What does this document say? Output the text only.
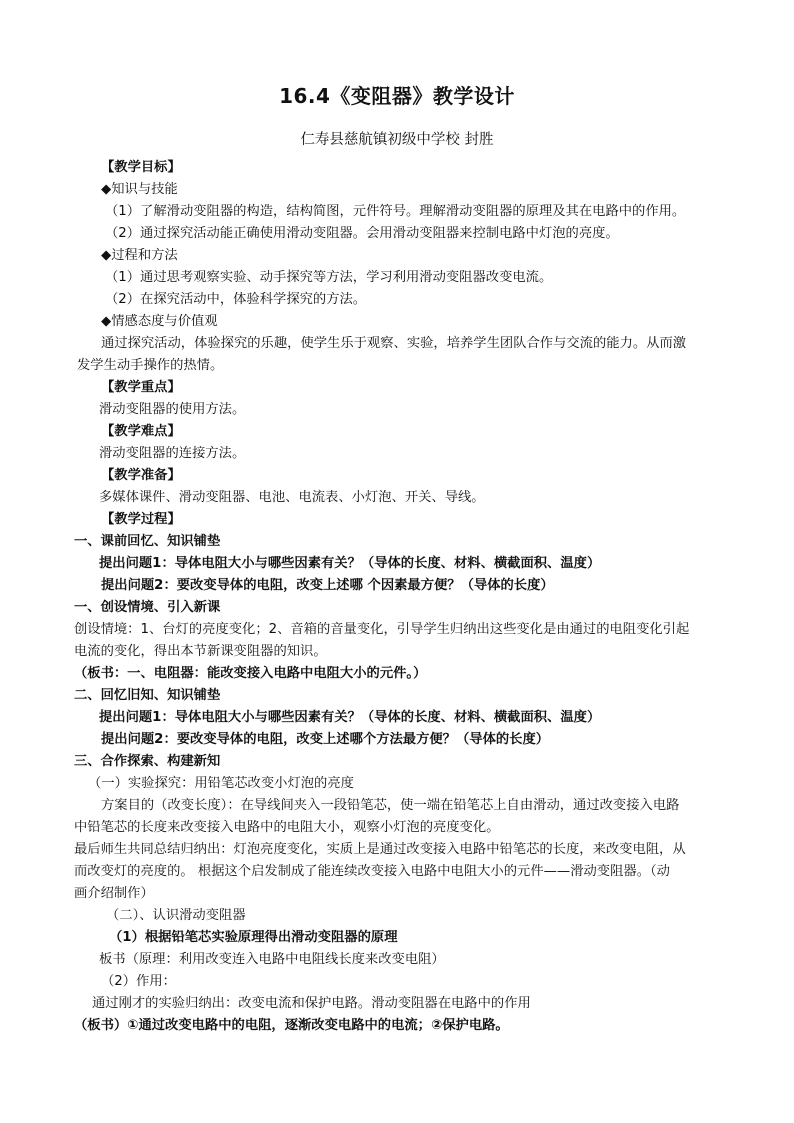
16.4《变阻器》教学设计
仁寿县慈航镇初级中学校 封胜
【教学目标】
◆知识与技能
（1）了解滑动变阻器的构造，结构简图，元件符号。理解滑动变阻器的原理及其在电路中的作用。
（2）通过探究活动能正确使用滑动变阻器。会用滑动变阻器来控制电路中灯泡的亮度。
◆过程和方法
（1）通过思考观察实验、动手探究等方法，学习利用滑动变阻器改变电流。
（2）在探究活动中，体验科学探究的方法。
◆情感态度与价值观
通过探究活动，体验探究的乐趣，使学生乐于观察、实验，培养学生团队合作与交流的能力。从而激
发学生动手操作的热情。
【教学重点】
滑动变阻器的使用方法。
【教学难点】
滑动变阻器的连接方法。
【教学准备】
多媒体课件、滑动变阻器、电池、电流表、小灯泡、开关、导线。
【教学过程】
一、课前回忆、知识铺垫
提出问题1：导体电阻大小与哪些因素有关？（导体的长度、材料、横截面积、温度）
提出问题2：要改变导体的电阻，改变上述哪 个因素最方便？（导体的长度）
一、创设情境、引入新课
创设情境：1、台灯的亮度变化；2、音箱的音量变化，引导学生归纳出这些变化是由通过的电阻变化引起
电流的变化，得出本节新课变阻器的知识。
（板书：一、电阻器：能改变接入电路中电阻大小的元件。）
二、回忆旧知、知识铺垫
提出问题1：导体电阻大小与哪些因素有关？（导体的长度、材料、横截面积、温度）
提出问题2：要改变导体的电阻，改变上述哪个方法最方便？（导体的长度）
三、合作探索、构建新知
（一）实验探究：用铅笔芯改变小灯泡的亮度
方案目的（改变长度）：在导线间夹入一段铅笔芯，使一端在铅笔芯上自由滑动，通过改变接入电路
中铅笔芯的长度来改变接入电路中的电阻大小，观察小灯泡的亮度变化。
最后师生共同总结归纳出：灯泡亮度变化，实质上是通过改变接入电路中铅笔芯的长度，来改变电阻，从
而改变灯的亮度的。 根据这个启发制成了能连续改变接入电路中电阻大小的元件——滑动变阻器。（动
画介绍制作）
（二）、认识滑动变阻器
（1）根据铅笔芯实验原理得出滑动变阻器的原理
板书（原理：利用改变连入电路中电阻线长度来改变电阻）
（2）作用：
通过刚才的实验归纳出：改变电流和保护电路。滑动变阻器在电路中的作用
（板书）①通过改变电路中的电阻，逐渐改变电路中的电流；②保护电路。
